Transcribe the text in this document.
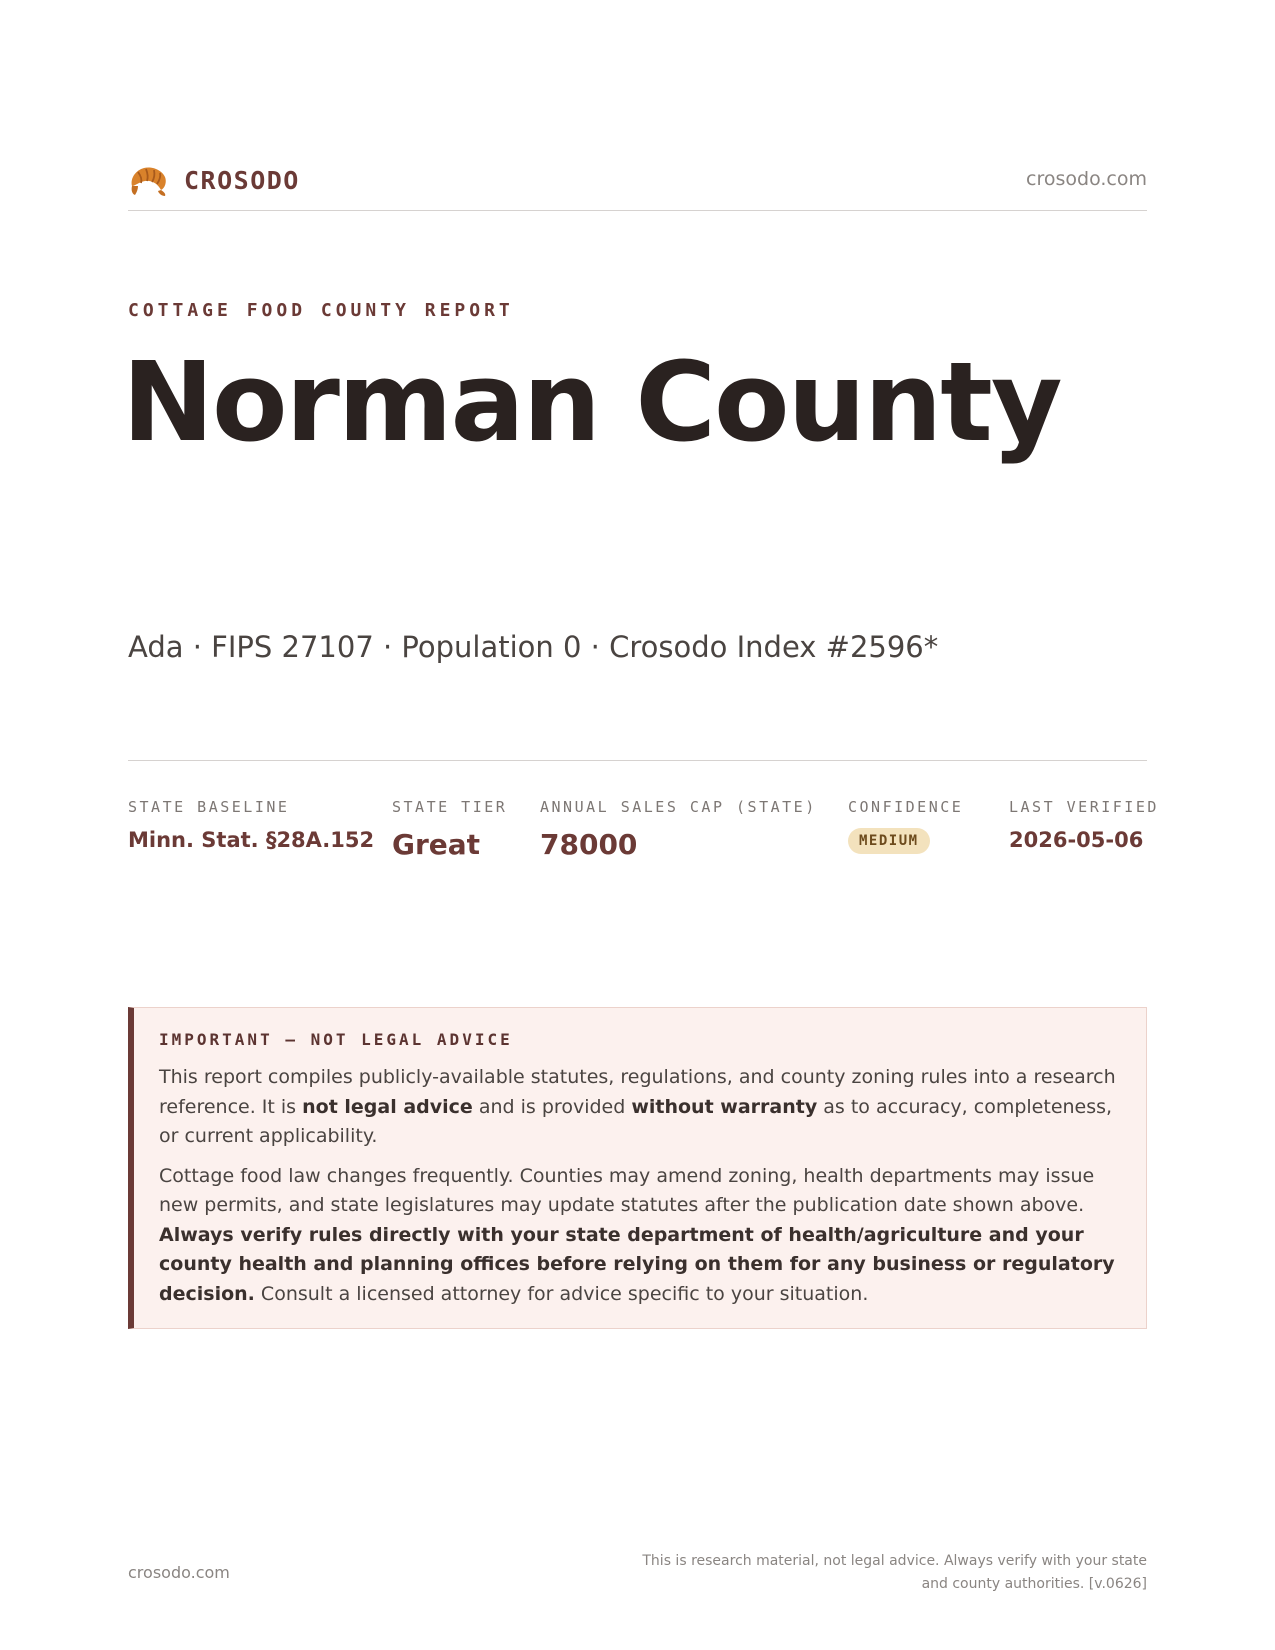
CROSODO	crosodo.com
COTTAGE FOOD COUNTY REPORT
Norman County
Ada · FIPS 27107 · Population 0 · Crosodo Index #2596*
STATE BASELINE
Minn. Stat. §28A.152
STATE TIER
Great
ANNUAL SALES CAP (STATE)
78000
CONFIDENCE
MEDIUM
LAST VERIFIED
2026-05-06
IMPORTANT — NOT LEGAL ADVICE

This report compiles publicly-available statutes, regulations, and county zoning rules into a research reference. It is not legal advice and is provided without warranty as to accuracy, completeness, or current applicability.

Cottage food law changes frequently. Counties may amend zoning, health departments may issue new permits, and state legislatures may update statutes after the publication date shown above. Always verify rules directly with your state department of health/agriculture and your county health and planning offices before relying on them for any business or regulatory decision. Consult a licensed attorney for advice specific to your situation.

crosodo.com
This is research material, not legal advice. Always verify with your state
and county authorities. [v.0626]
